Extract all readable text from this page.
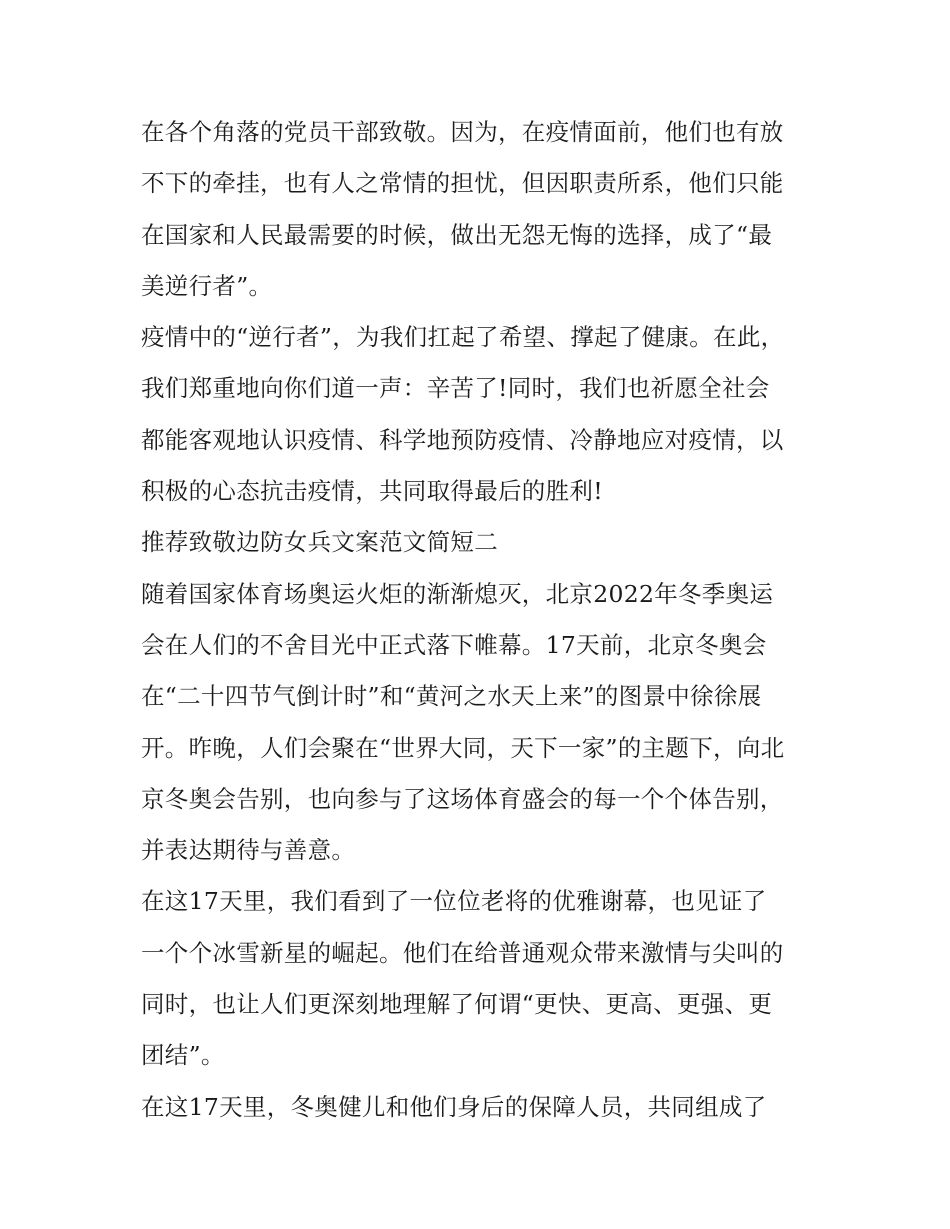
在各个角落的党员干部致敬。因为，在疫情面前，他们也有放
不下的牵挂，也有人之常情的担忧，但因职责所系，他们只能
在国家和人民最需要的时候，做出无怨无悔的选择，成了“最
美逆行者”。
疫情中的“逆行者”，为我们扛起了希望、撑起了健康。在此，
我们郑重地向你们道一声：辛苦了!同时，我们也祈愿全社会
都能客观地认识疫情、科学地预防疫情、冷静地应对疫情，以
积极的心态抗击疫情，共同取得最后的胜利!
推荐致敬边防女兵文案范文简短二
随着国家体育场奥运火炬的渐渐熄灭，北京2022年冬季奥运
会在人们的不舍目光中正式落下帷幕。17天前，北京冬奥会
在“二十四节气倒计时”和“黄河之水天上来”的图景中徐徐展
开。昨晚，人们会聚在“世界大同，天下一家”的主题下，向北
京冬奥会告别，也向参与了这场体育盛会的每一个个体告别，
并表达期待与善意。
在这17天里，我们看到了一位位老将的优雅谢幕，也见证了
一个个冰雪新星的崛起。他们在给普通观众带来激情与尖叫的
同时，也让人们更深刻地理解了何谓“更快、更高、更强、更
团结”。
在这17天里，冬奥健儿和他们身后的保障人员，共同组成了
